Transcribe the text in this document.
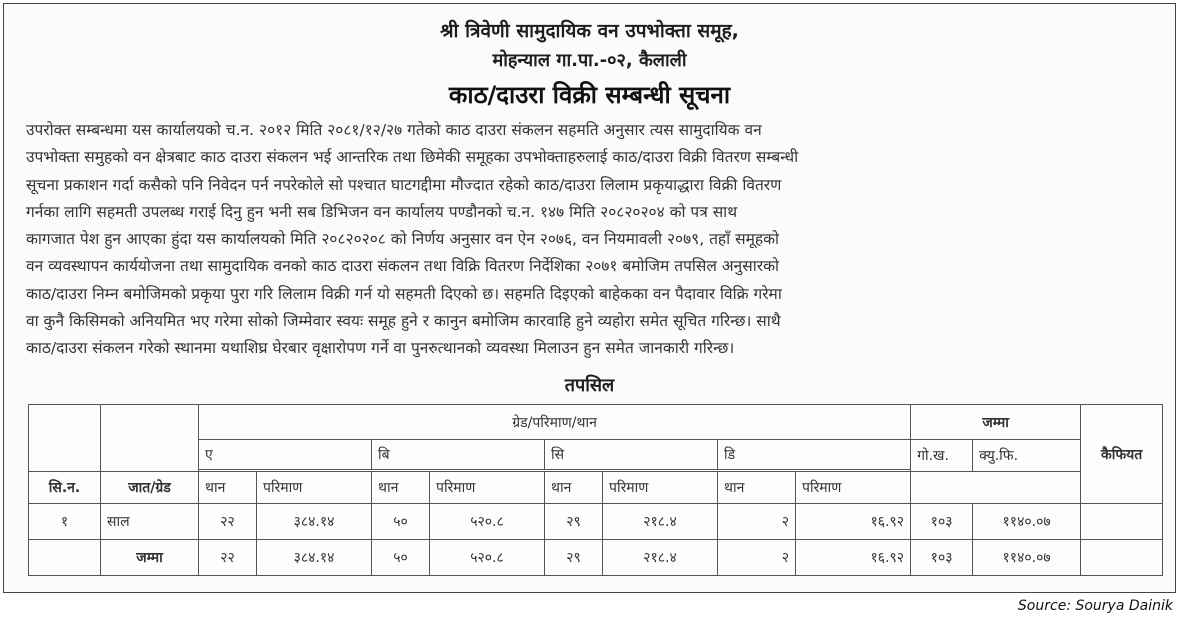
श्री त्रिवेणी सामुदायिक वन उपभोक्ता समूह,
मोहन्याल गा.पा.-०२, कैलाली
काठ/दाउरा विक्री सम्बन्धी सूचना
उपरोक्त सम्बन्धमा यस कार्यालयको च.न. २०१२ मिति २०८१/१२/२७ गतेको काठ दाउरा संकलन सहमति अनुसार त्यस सामुदायिक वन
उपभोक्ता समुहको वन क्षेत्रबाट काठ दाउरा संकलन भई आन्तरिक तथा छिमेकी समूहका उपभोक्ताहरुलाई काठ/दाउरा विक्री वितरण सम्बन्धी
सूचना प्रकाशन गर्दा कसैको पनि निवेदन पर्न नपरेकोले सो पश्चात घाटगद्दीमा मौज्दात रहेको काठ/दाउरा लिलाम प्रकृयाद्धारा विक्री वितरण
गर्नका लागि सहमती उपलब्ध गराई दिनु हुन भनी सब डिभिजन वन कार्यालय पण्डौनको च.न. १४७ मिति २०८२०२०४ को पत्र साथ
कागजात पेश हुन आएका हुंदा यस कार्यालयको मिति २०८२०२०८ को निर्णय अनुसार वन ऐन २०७६, वन नियमावली २०७९, तहाँ समूहको
वन व्यवस्थापन कार्ययोजना तथा सामुदायिक वनको काठ दाउरा संकलन तथा विक्रि वितरण निर्देशिका २०७१ बमोजिम तपसिल अनुसारको
काठ/दाउरा निम्न बमोजिमको प्रकृया पुरा गरि लिलाम विक्री गर्न यो सहमती दिएको छ। सहमति दिइएको बाहेकका वन पैदावार विक्रि गरेमा
वा कुनै किसिमको अनियमित भए गरेमा सोको जिम्मेवार स्वयः समूह हुने र कानुन बमोजिम कारवाहि हुने व्यहोरा समेत सूचित गरिन्छ। साथै
काठ/दाउरा संकलन गरेको स्थानमा यथाशिघ्र घेरबार वृक्षारोपण गर्ने वा पुनरुत्थानको व्यवस्था मिलाउन हुन समेत जानकारी गरिन्छ।
तपसिल
		ग्रेड/परिमाण/थान								जम्मा		कैफियत
		ए		बि		सि		डि		गो.ख.	क्यु.फि.	

सि.न.	जात/ग्रेड	थान	परिमाण	थान	परिमाण	थान	परिमाण	थान	परिमाण			
१	साल	२२	३८४.१४	५०	५२०.८	२९	२१८.४	२	१६.९२	१०३	११४०.०७	
	जम्मा	२२	३८४.१४	५०	५२०.८	२९	२१८.४	२	१६.९२	१०३	११४०.०७	
Source: Sourya Dainik
